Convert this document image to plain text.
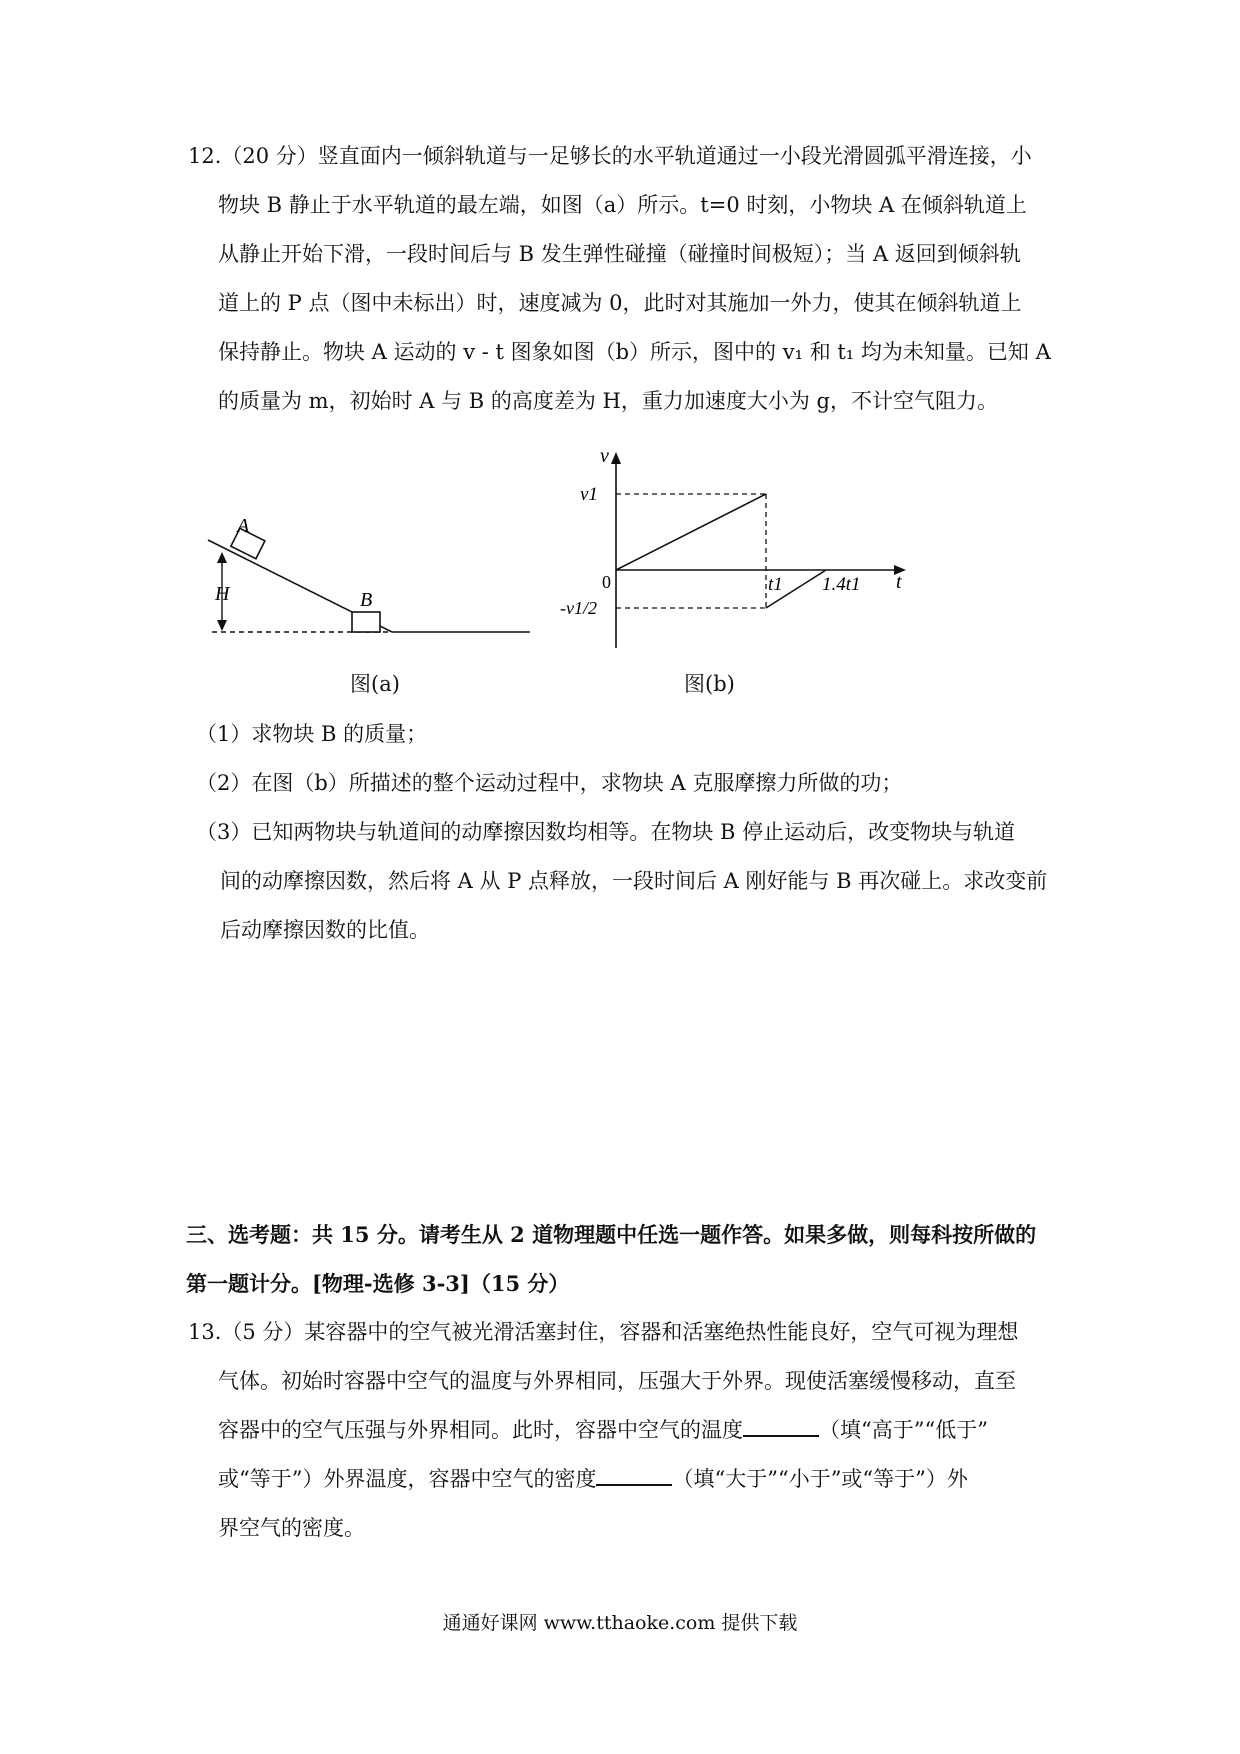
12.（20 分）竖直面内一倾斜轨道与一足够长的水平轨道通过一小段光滑圆弧平滑连接，小
物块 B 静止于水平轨道的最左端，如图（a）所示。t=0 时刻，小物块 A 在倾斜轨道上
从静止开始下滑，一段时间后与 B 发生弹性碰撞（碰撞时间极短）；当 A 返回到倾斜轨
道上的 P 点（图中未标出）时，速度减为 0，此时对其施加一外力，使其在倾斜轨道上
保持静止。物块 A 运动的 v - t 图象如图（b）所示，图中的 v₁ 和 t₁ 均为未知量。已知 A
的质量为 m，初始时 A 与 B 的高度差为 H，重力加速度大小为 g，不计空气阻力。
A
H	B
图(a)
v
t
0
v1
-v1/2
t1 1.4t1
图(b)
（1）求物块 B 的质量；
（2）在图（b）所描述的整个运动过程中，求物块 A 克服摩擦力所做的功；
（3）已知两物块与轨道间的动摩擦因数均相等。在物块 B 停止运动后，改变物块与轨道
间的动摩擦因数，然后将 A 从 P 点释放，一段时间后 A 刚好能与 B 再次碰上。求改变前
后动摩擦因数的比值。
三、选考题：共 15 分。请考生从 2 道物理题中任选一题作答。如果多做，则每科按所做的
第一题计分。[物理-选修 3-3]（15 分）
13.（5 分）某容器中的空气被光滑活塞封住，容器和活塞绝热性能良好，空气可视为理想
气体。初始时容器中空气的温度与外界相同，压强大于外界。现使活塞缓慢移动，直至
容器中的空气压强与外界相同。此时，容器中空气的温度	（填“高于”“低于”
或“等于”）外界温度，容器中空气的密度	（填“大于”“小于”或“等于”）外
界空气的密度。
通通好课网 www.tthaoke.com 提供下载
